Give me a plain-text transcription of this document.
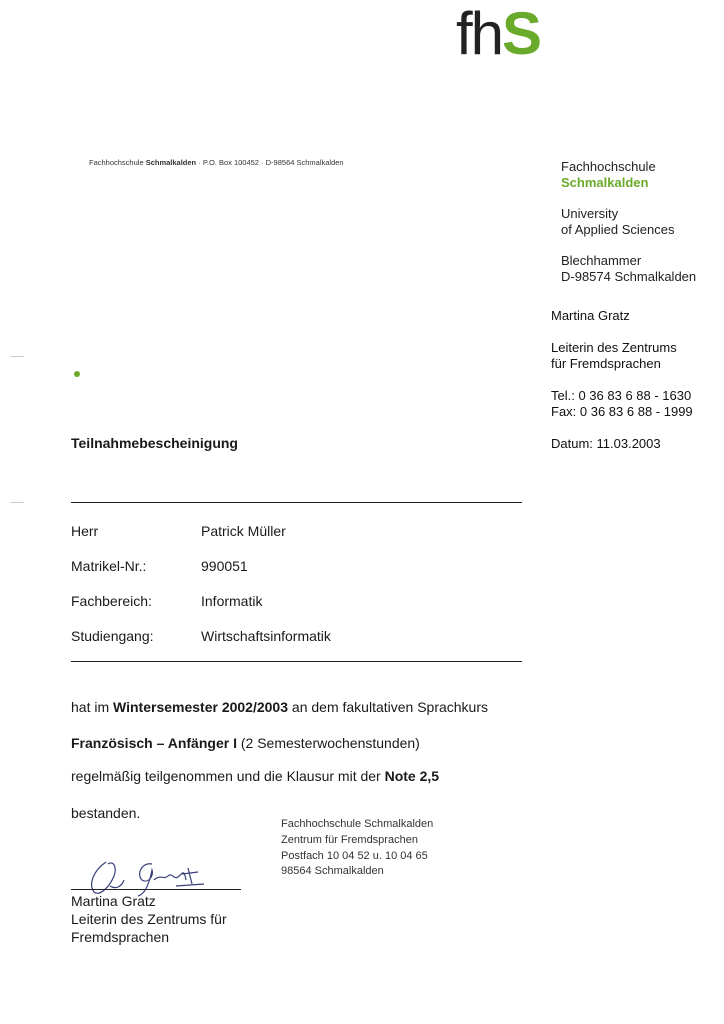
fhS
Fachhochschule Schmalkalden · P.O. Box 100452 · D-98564 Schmalkalden	Fachhochschule
Schmalkalden
University
of Applied Sciences
Blechhammer
D-98574 Schmalkalden
Martina Gratz
Leiterin des Zentrums
für Fremdsprachen
Tel.: 0 36 83 6 88 - 1630
Fax: 0 36 83 6 88 - 1999
Datum: 11.03.2003
Teilnahmebescheinigung
Herr	Patrick Müller
Matrikel-Nr.:	990051
Fachbereich:	Informatik
Studiengang:	Wirtschaftsinformatik
hat im Wintersemester 2002/2003 an dem fakultativen Sprachkurs
Französisch – Anfänger I (2 Semesterwochenstunden)
regelmäßig teilgenommen und die Klausur mit der Note 2,5
bestanden.
Fachhochschule Schmalkalden
Zentrum für Fremdsprachen
Postfach 10 04 52 u. 10 04 65
98564 Schmalkalden
Martina Gratz
Leiterin des Zentrums für
Fremdsprachen
